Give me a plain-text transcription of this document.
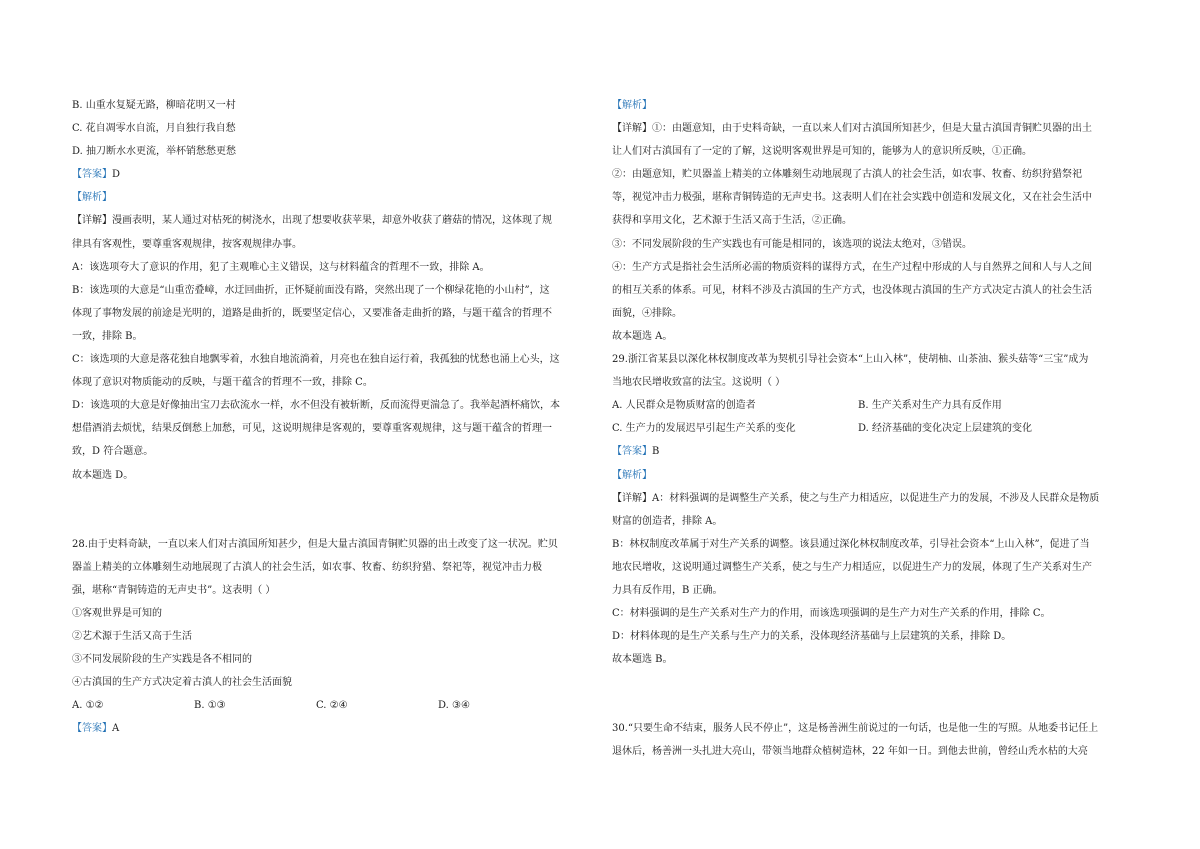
B. 山重水复疑无路，柳暗花明又一村
C. 花自凋零水自流，月自独行我自愁
D. 抽刀断水水更流，举杯销愁愁更愁
【答案】D
【解析】
【详解】漫画表明，某人通过对枯死的树浇水，出现了想要收获苹果，却意外收获了蘑菇的情况，这体现了规
律具有客观性，要尊重客观规律，按客观规律办事。
A：该选项夸大了意识的作用，犯了主观唯心主义错误，这与材料蕴含的哲理不一致，排除 A。
B：该选项的大意是“山重峦叠嶂，水迂回曲折，正怀疑前面没有路，突然出现了一个柳绿花艳的小山村”，这
体现了事物发展的前途是光明的，道路是曲折的，既要坚定信心，又要准备走曲折的路，与题干蕴含的哲理不
一致，排除 B。
C：该选项的大意是落花独自地飘零着，水独自地流淌着，月亮也在独自运行着，我孤独的忧愁也涌上心头，这
体现了意识对物质能动的反映，与题干蕴含的哲理不一致，排除 C。
D：该选项的大意是好像抽出宝刀去砍流水一样，水不但没有被斩断，反而流得更湍急了。我举起酒杯痛饮，本
想借酒消去烦忧，结果反倒愁上加愁，可见，这说明规律是客观的，要尊重客观规律，这与题干蕴含的哲理一
致，D 符合题意。
故本题选 D。
28.由于史料奇缺，一直以来人们对古滇国所知甚少，但是大量古滇国青铜贮贝器的出土改变了这一状况。贮贝
器盖上精美的立体雕刻生动地展现了古滇人的社会生活，如农事、牧畜、纺织狩猎、祭祀等，视觉冲击力极
强，堪称“青铜铸造的无声史书”。这表明（ ）
①客观世界是可知的
②艺术源于生活又高于生活
③不同发展阶段的生产实践是各不相同的
④古滇国的生产方式决定着古滇人的社会生活面貌
A. ①②	B. ①③	C. ②④	D. ③④
【答案】A
【解析】
【详解】①：由题意知，由于史料奇缺，一直以来人们对古滇国所知甚少，但是大量古滇国青铜贮贝器的出土
让人们对古滇国有了一定的了解，这说明客观世界是可知的，能够为人的意识所反映，①正确。
②：由题意知，贮贝器盖上精美的立体雕刻生动地展现了古滇人的社会生活，如农事、牧畜、纺织狩猎祭祀
等，视觉冲击力极强，堪称青铜铸造的无声史书。这表明人们在社会实践中创造和发展文化，又在社会生活中
获得和享用文化，艺术源于生活又高于生活，②正确。
③：不同发展阶段的生产实践也有可能是相同的，该选项的说法太绝对，③错误。
④：生产方式是指社会生活所必需的物质资料的谋得方式，在生产过程中形成的人与自然界之间和人与人之间
的相互关系的体系。可见，材料不涉及古滇国的生产方式，也没体现古滇国的生产方式决定古滇人的社会生活
面貌，④排除。
故本题选 A。
29.浙江省某县以深化林权制度改革为契机引导社会资本“上山入林”，使胡柚、山茶油、猴头菇等“三宝”成为
当地农民增收致富的法宝。这说明（ ）
A. 人民群众是物质财富的创造者	B. 生产关系对生产力具有反作用
C. 生产力的发展迟早引起生产关系的变化	D. 经济基础的变化决定上层建筑的变化
【答案】B
【解析】
【详解】A：材料强调的是调整生产关系，使之与生产力相适应，以促进生产力的发展，不涉及人民群众是物质
财富的创造者，排除 A。
B：林权制度改革属于对生产关系的调整。该县通过深化林权制度改革，引导社会资本“上山入林”，促进了当
地农民增收，这说明通过调整生产关系，使之与生产力相适应，以促进生产力的发展，体现了生产关系对生产
力具有反作用，B 正确。
C：材料强调的是生产关系对生产力的作用，而该选项强调的是生产力对生产关系的作用，排除 C。
D：材料体现的是生产关系与生产力的关系，没体现经济基础与上层建筑的关系，排除 D。
故本题选 B。
30.“只要生命不结束，服务人民不停止”，这是杨善洲生前说过的一句话，也是他一生的写照。从地委书记任上
退休后，杨善洲一头扎进大亮山，带领当地群众植树造林，22 年如一日。到他去世前，曾经山秃水枯的大亮
